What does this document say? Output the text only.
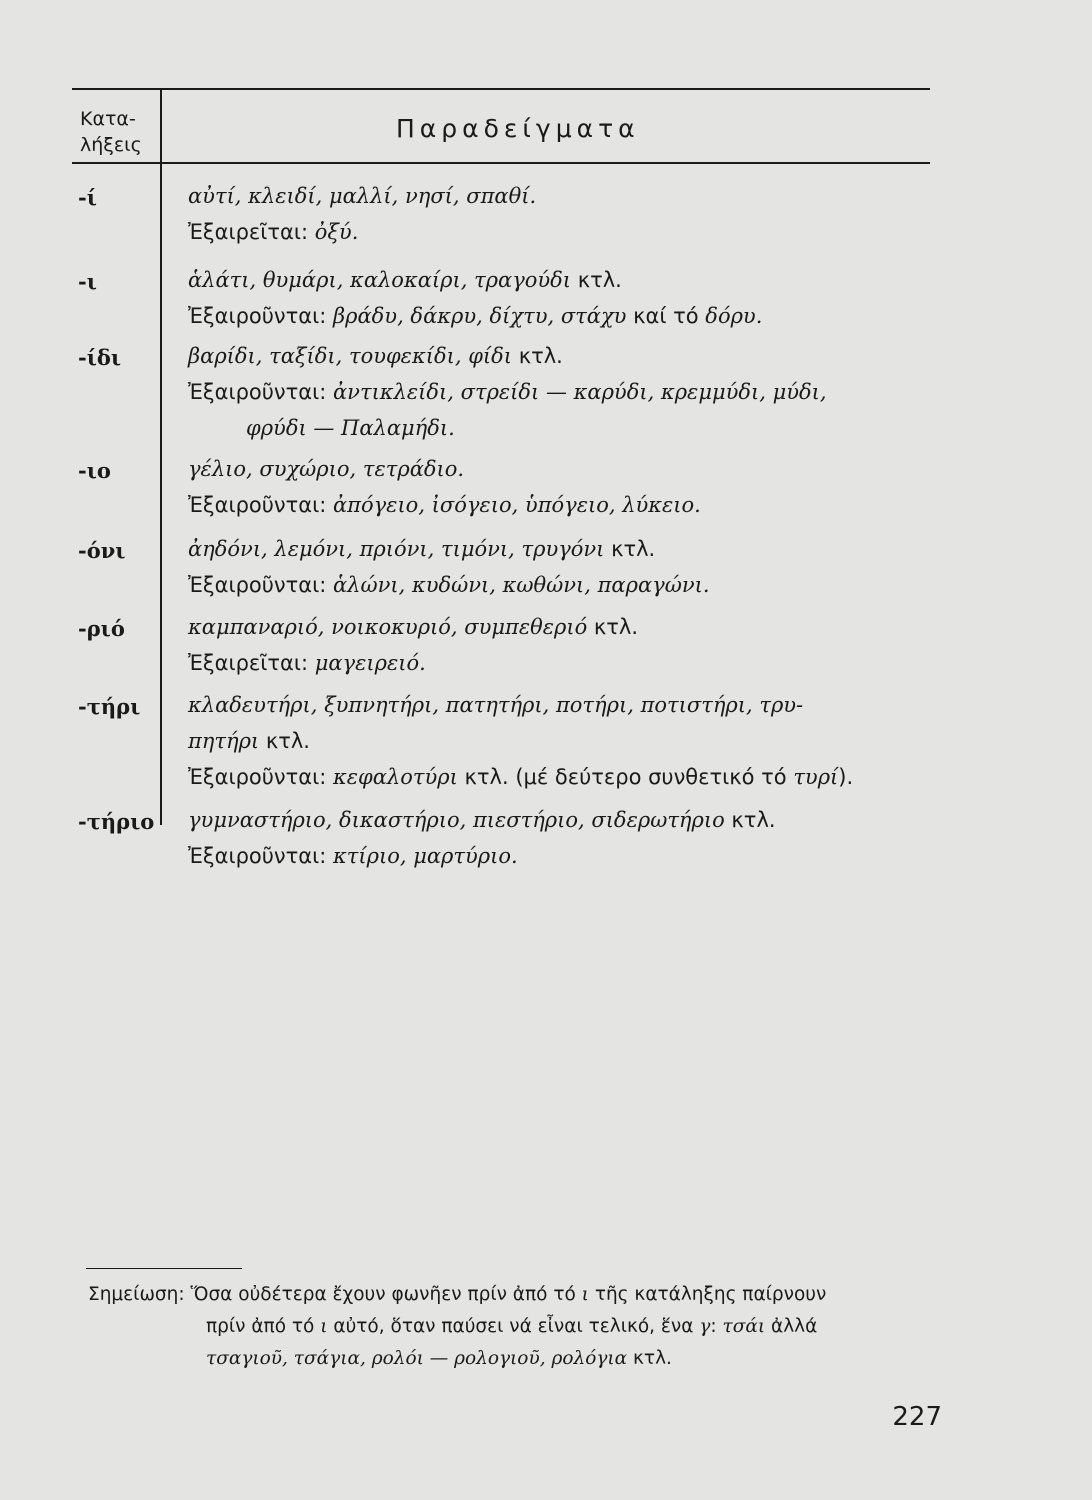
Κατα-
λήξεις
Παραδείγματα
-ί	αὐτί, κλειδί, μαλλί, νησί, σπαθί.
Ἐξαιρεῖται: ὀξύ.
-ι	ἁλάτι, θυμάρι, καλοκαίρι, τραγούδι κτλ.
Ἐξαιροῦνται: βράδυ, δάκρυ, δίχτυ, στάχυ καί τό δόρυ.
-ίδι	βαρίδι, ταξίδι, τουφεκίδι, φίδι κτλ.
Ἐξαιροῦνται: ἀντικλείδι, στρείδι — καρύδι, κρεμμύδι, μύδι,
φρύδι — Παλαμήδι.
-ιο	γέλιο, συχώριο, τετράδιο.
Ἐξαιροῦνται: ἀπόγειο, ἰσόγειο, ὑπόγειο, λύκειο.
-όνι	ἀηδόνι, λεμόνι, πριόνι, τιμόνι, τρυγόνι κτλ.
Ἐξαιροῦνται: ἁλώνι, κυδώνι, κωθώνι, παραγώνι.
-ριό	καμπαναριό, νοικοκυριό, συμπεθεριό κτλ.
Ἐξαιρεῖται: μαγειρειό.
-τήρι	κλαδευτήρι, ξυπνητήρι, πατητήρι, ποτήρι, ποτιστήρι, τρυ-
πητήρι κτλ.
Ἐξαιροῦνται: κεφαλοτύρι κτλ. (μέ δεύτερο συνθετικό τό τυρί).
-τήριο	γυμναστήριο, δικαστήριο, πιεστήριο, σιδερωτήριο κτλ.
Ἐξαιροῦνται: κτίριο, μαρτύριο.
Σημείωση: Ὅσα οὐδέτερα ἔχουν φωνῆεν πρίν ἀπό τό ι τῆς κατάληξης παίρνουν
πρίν ἀπό τό ι αὐτό, ὅταν παύσει νά εἶναι τελικό, ἕνα γ: τσάι ἀλλά
τσαγιοῦ, τσάγια, ρολόι — ρολογιοῦ, ρολόγια κτλ.
227
